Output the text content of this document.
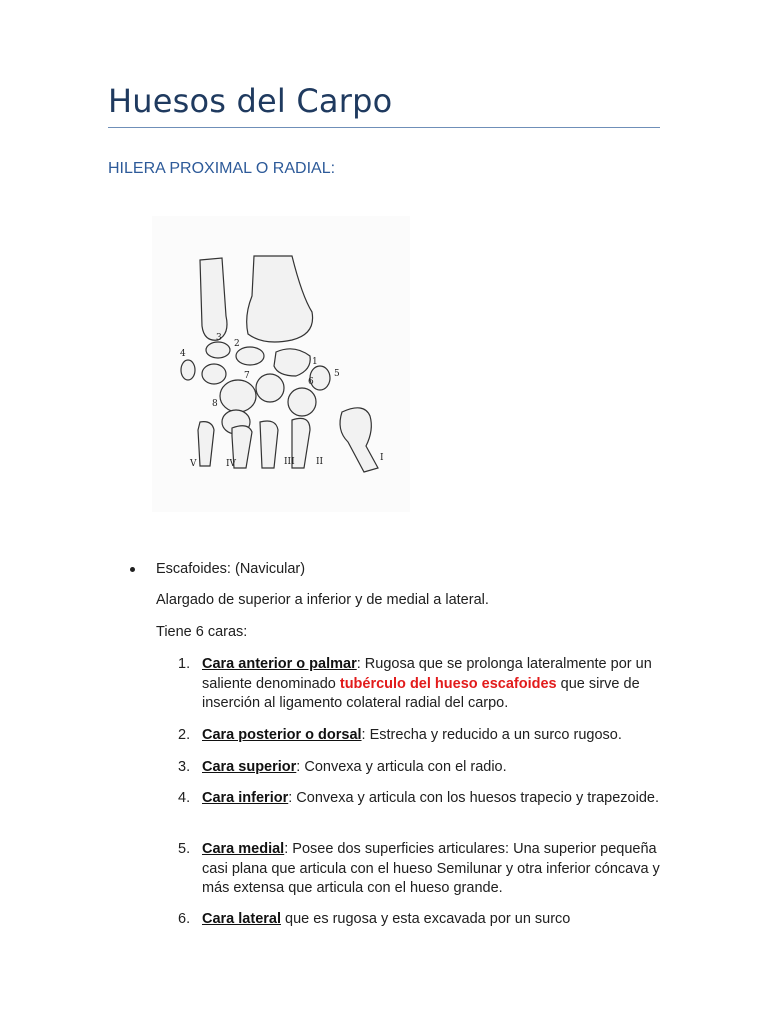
Huesos del Carpo
HILERA PROXIMAL O RADIAL:
4
3
2
1
5
6
7
8
V	IV	III II	I
Escafoides: (Navicular)
Alargado de superior a inferior y de medial a lateral.
Tiene 6 caras:
1. Cara anterior o palmar: Rugosa que se prolonga lateralmente por un saliente denominado tubérculo del hueso escafoides que sirve de inserción al ligamento colateral radial del carpo.
2. Cara posterior o dorsal: Estrecha y reducido a un surco rugoso.
3. Cara superior: Convexa y articula con el radio.
4. Cara inferior: Convexa y articula con los huesos trapecio y trapezoide.
5. Cara medial: Posee dos superficies articulares: Una superior pequeña casi plana que articula con el hueso Semilunar y otra inferior cóncava y más extensa que articula con el hueso grande.
6. Cara lateral que es rugosa y esta excavada por un surco
